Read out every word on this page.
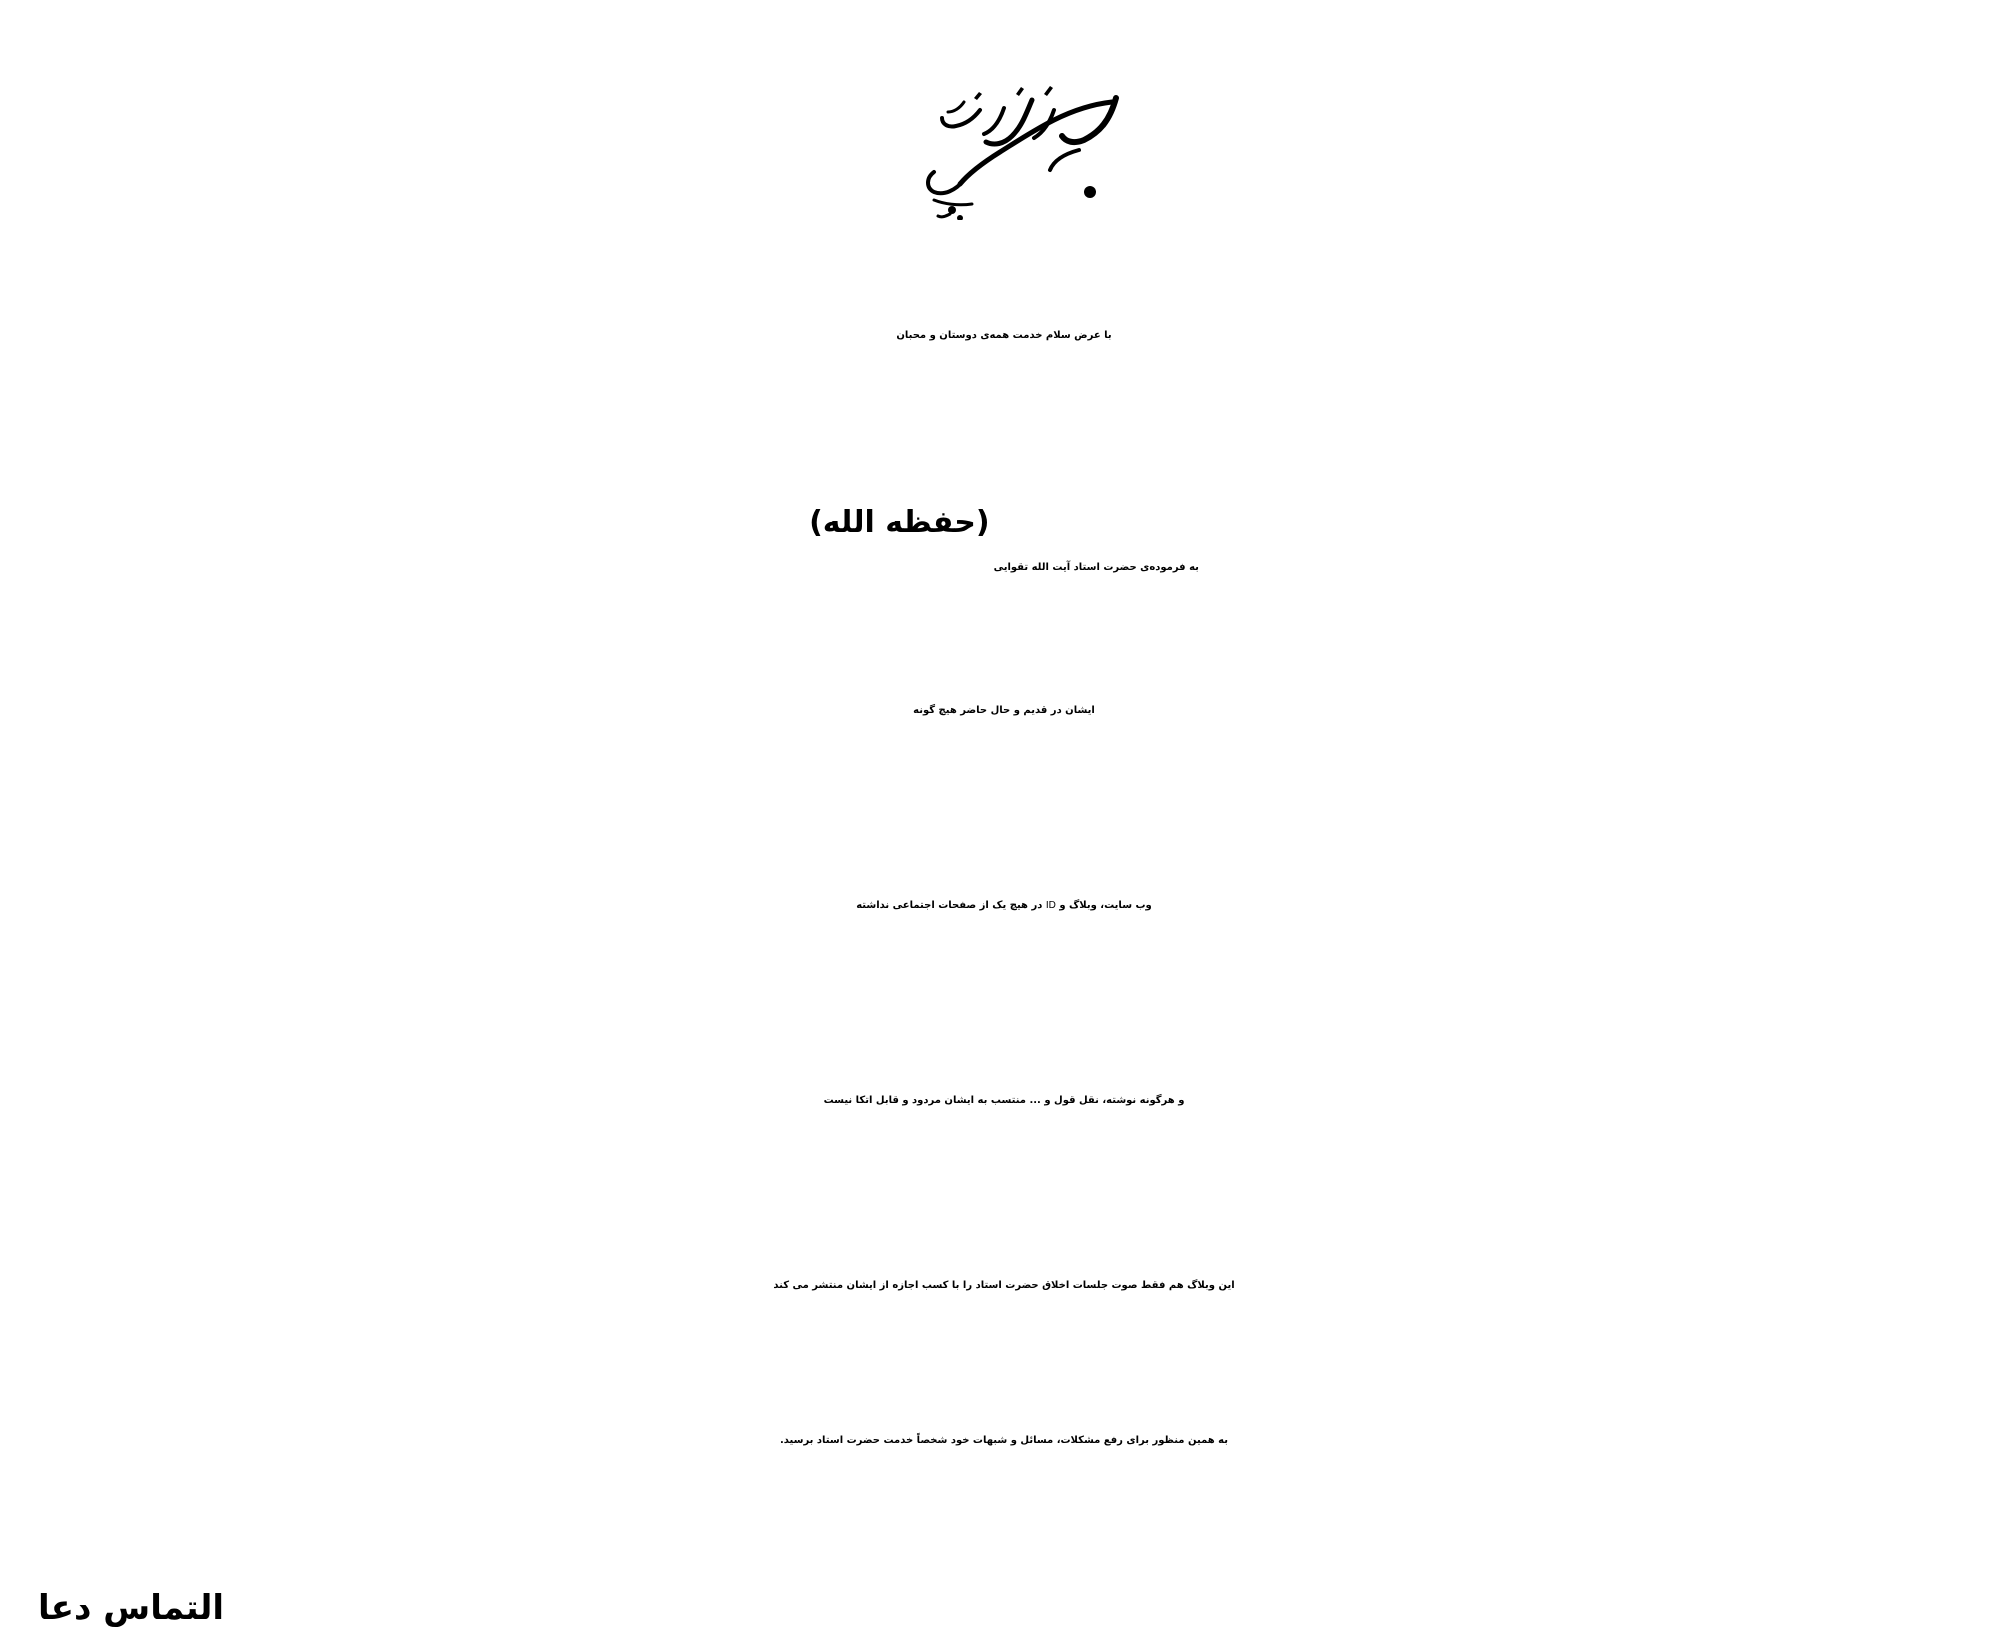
با عرض سلام خدمت همه‌ی دوستان و محبان
به فرموده‌ی حضرت استاد آیت الله تقوایی(حفظه الله)
ایشان در قدیم و حال حاضر هیچ گونه
وب سایت، وبلاگ و ID در هیچ یک از صفحات اجتماعی نداشته
و هرگونه نوشته، نقل قول و ... منتسب به ایشان مردود و قابل اتکا نیست
این وبلاگ هم فقط صوت جلسات اخلاق حضرت استاد را با کسب اجازه از ایشان منتشر می کند
به همین منظور برای رفع مشکلات، مسائل و شبهات خود شخصاً خدمت حضرت استاد برسید.
التماس دعا
